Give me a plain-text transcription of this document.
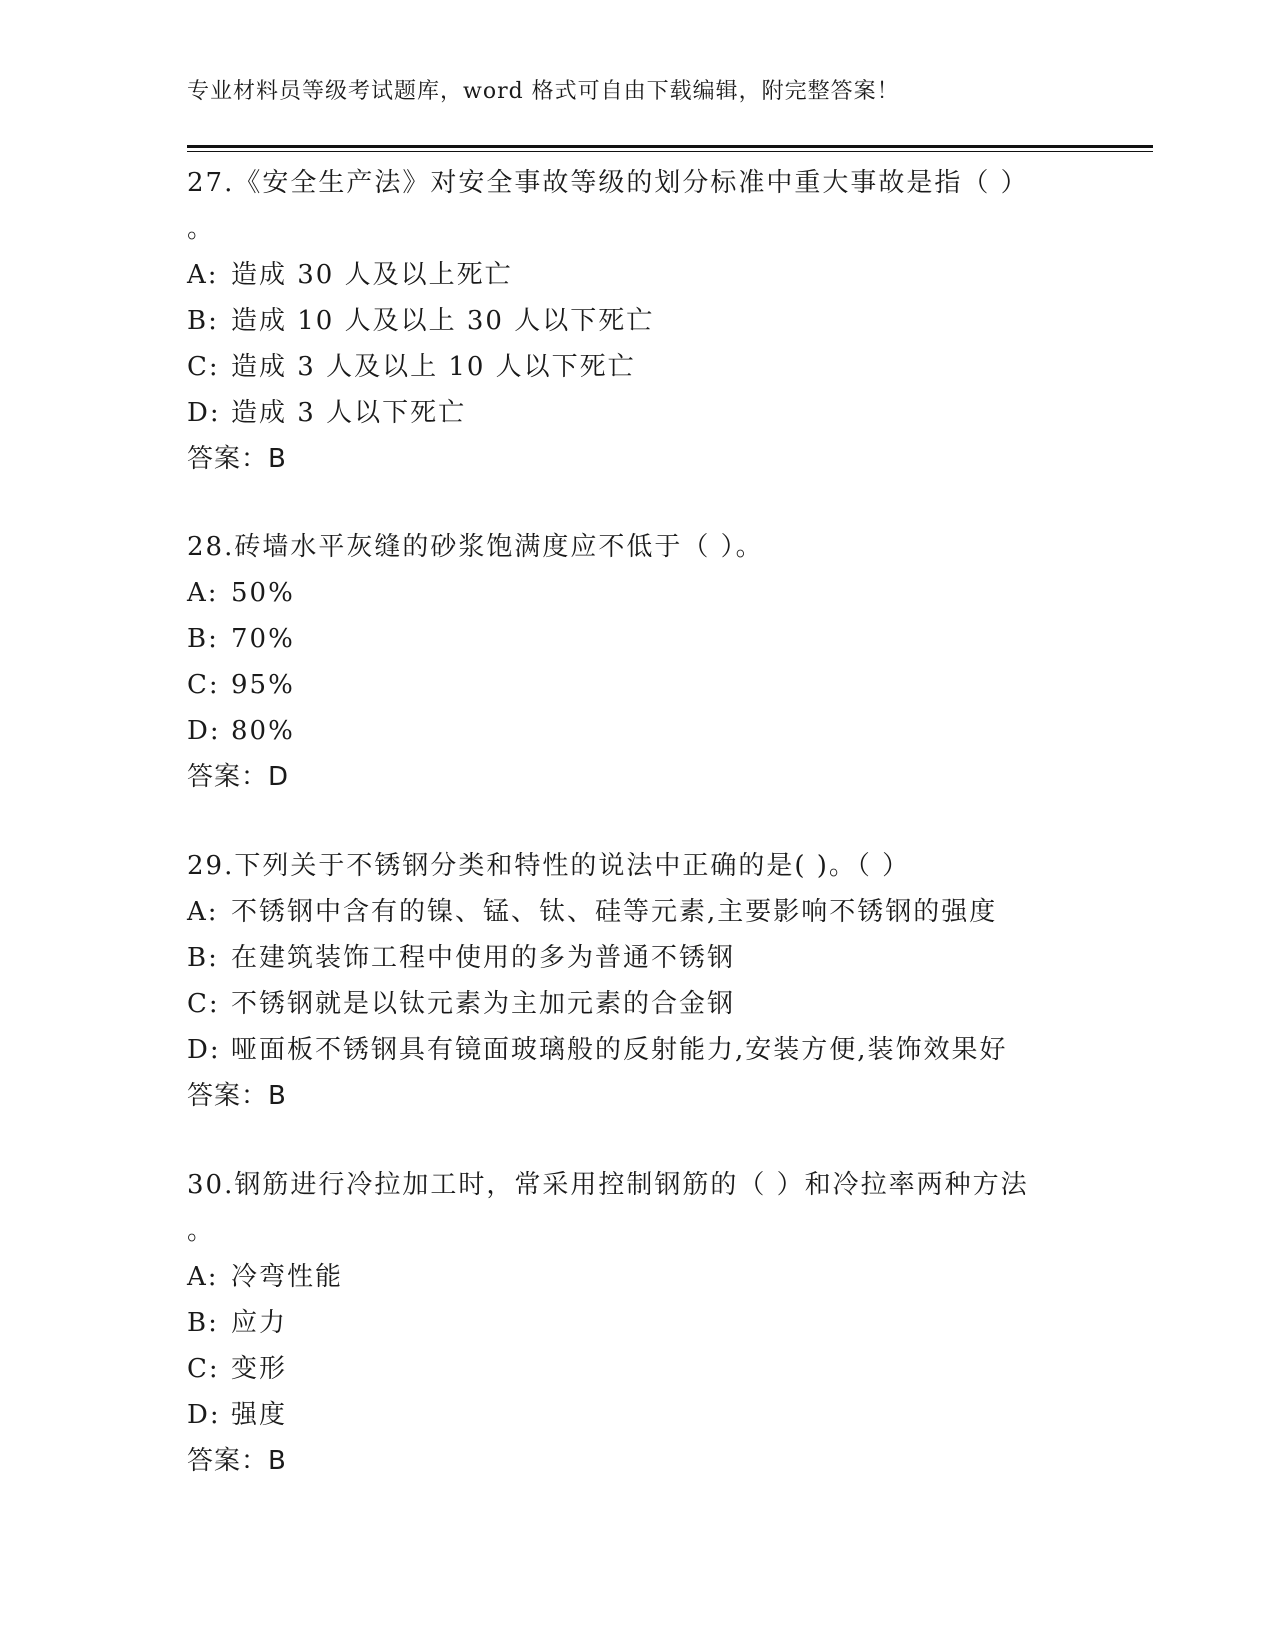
专业材料员等级考试题库，word 格式可自由下载编辑，附完整答案！
27.《安全生产法》对安全事故等级的划分标准中重大事故是指（ ）
。
A: 造成 30 人及以上死亡
B: 造成 10 人及以上 30 人以下死亡
C: 造成 3 人及以上 10 人以下死亡
D: 造成 3 人以下死亡
答案：B
28.砖墙水平灰缝的砂浆饱满度应不低于（ ）。
A: 50%
B: 70%
C: 95%
D: 80%
答案：D
29.下列关于不锈钢分类和特性的说法中正确的是( )。（ ）
A: 不锈钢中含有的镍、锰、钛、硅等元素,主要影响不锈钢的强度
B: 在建筑装饰工程中使用的多为普通不锈钢
C: 不锈钢就是以钛元素为主加元素的合金钢
D: 哑面板不锈钢具有镜面玻璃般的反射能力,安装方便,装饰效果好
答案：B
30.钢筋进行冷拉加工时，常采用控制钢筋的（ ）和冷拉率两种方法
。
A: 冷弯性能
B: 应力
C: 变形
D: 强度
答案：B
